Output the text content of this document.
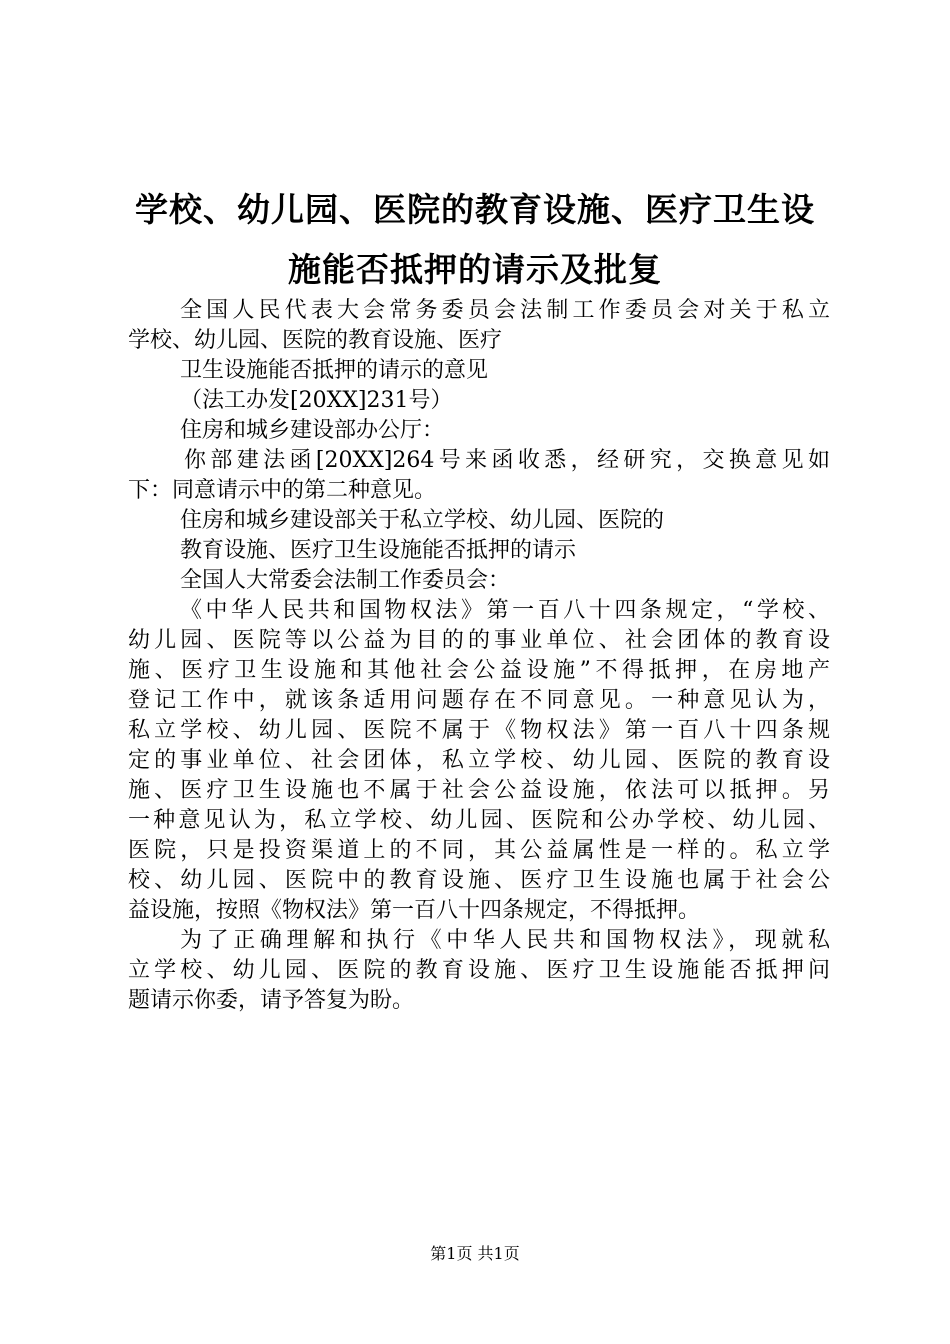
学校、幼儿园、医院的教育设施、医疗卫生设
施能否抵押的请示及批复
全国人民代表大会常务委员会法制工作委员会对关于私立
学校、幼儿园、医院的教育设施、医疗
卫生设施能否抵押的请示的意见
（法工办发[20XX]231号）
住房和城乡建设部办公厅：
你部建法函[20XX]264号来函收悉，经研究，交换意见如
下：同意请示中的第二种意见。
住房和城乡建设部关于私立学校、幼儿园、医院的
教育设施、医疗卫生设施能否抵押的请示
全国人大常委会法制工作委员会：
《中华人民共和国物权法》第一百八十四条规定，“学校、
幼儿园、医院等以公益为目的的事业单位、社会团体的教育设
施、医疗卫生设施和其他社会公益设施”不得抵押，在房地产
登记工作中，就该条适用问题存在不同意见。一种意见认为，
私立学校、幼儿园、医院不属于《物权法》第一百八十四条规
定的事业单位、社会团体，私立学校、幼儿园、医院的教育设
施、医疗卫生设施也不属于社会公益设施，依法可以抵押。另
一种意见认为，私立学校、幼儿园、医院和公办学校、幼儿园、
医院，只是投资渠道上的不同，其公益属性是一样的。私立学
校、幼儿园、医院中的教育设施、医疗卫生设施也属于社会公
益设施，按照《物权法》第一百八十四条规定，不得抵押。
为了正确理解和执行《中华人民共和国物权法》，现就私
立学校、幼儿园、医院的教育设施、医疗卫生设施能否抵押问
题请示你委，请予答复为盼。
第1页 共1页
